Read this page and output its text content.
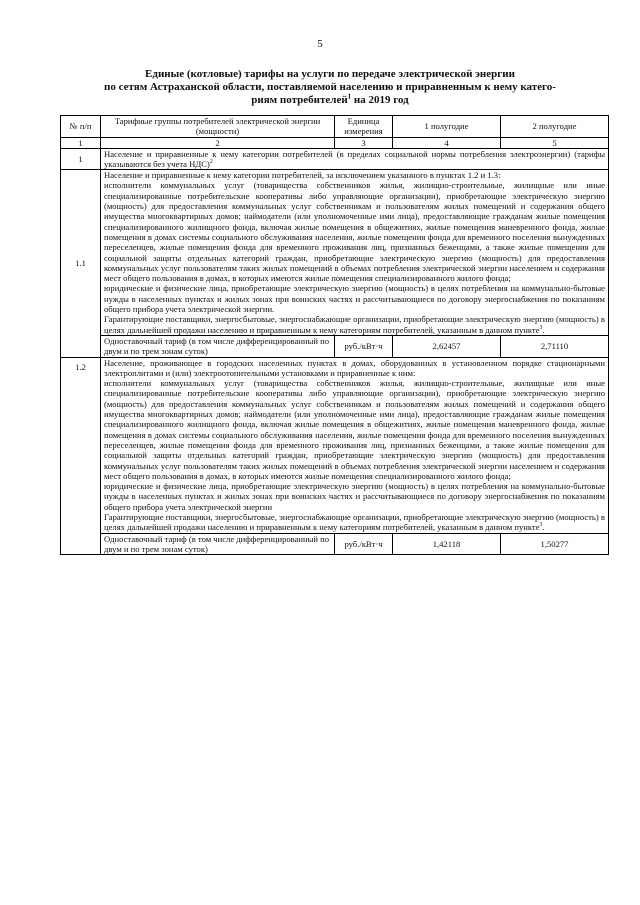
5
Единые (котловые) тарифы на услуги по передаче электрической энергии
по сетям Астраханской области, поставляемой населению и приравненным к нему катего-
риям потребителей$^1$ на 2019 год
№ п/п	Тарифные группы потребителей электрической энергии (мощности)	Единица измерения	1 полугодие	2 полугодие
1	2	3	4	5
1	Население и приравненные к нему категории потребителей (в пределах социальной нормы потребления электроэнергии) (тарифы указываются без учета НДС)$^2$
1.1	Население и приравненные к нему категории потребителей, за исключением указанного в пунктах 1.2 и 1.3:
исполнители коммунальных услуг (товарищества собственников жилья, жилищно-строительные, жилищные или иные специализированные потребительские кооперативы либо управляющие организации), приобретающие электрическую энергию (мощность) для предоставления коммунальных услуг собственникам и пользователям жилых помещений и содержания общего имущества многоквартирных домов; наймодатели (или уполномоченные ими лица), предоставляющие гражданам жилые помещения специализированного жилищного фонда, включая жилые помещения в общежитиях, жилые помещения маневренного фонда, жилые помещения в домах системы социального обслуживания населения, жилые помещения фонда для временного поселения вынужденных переселенцев, жилые помещения фонда для временного проживания лиц, признанных беженцами, а также жилые помещения для социальной защиты отдельных категорий граждан, приобретающие электрическую энергию (мощность) для предоставления коммунальных услуг пользователям таких жилых помещений в объемах потребления электрической энергии населением и содержания мест общего пользования в домах, в которых имеются жилые помещения специализированного жилого фонда;
юридические и физические лица, приобретающие электрическую энергию (мощность) в целях потребления на коммунально-бытовые нужды в населенных пунктах и жилых зонах при воинских частях и рассчитывающиеся по договору энергоснабжения по показаниям общего прибора учета электрической энергии.
Гарантирующие поставщики, энергосбытовые, энергоснабжающие организации, приобретающие электрическую энергию (мощность) в целях дальнейшей продажи населению и приравненным к нему категориям потребителей, указанным в данном пункте$^3$.			

	Одноставочный тариф (в том числе дифференцированный по двум и по трем зонам суток)	руб./кВт·ч	2,62457	2,71110
1.2	Население, проживающее в городских населенных пунктах в домах, оборудованных в установленном порядке стационарными электроплитами и (или) электроотопительными установками и приравненные к ним:
исполнители коммунальных услуг (товарищества собственников жилья, жилищно-строительные, жилищные или иные специализированные потребительские кооперативы либо управляющие организации), приобретающие электрическую энергию (мощность) для предоставления коммунальных услуг собственникам и пользователям жилых помещений и содержания общего имущества многоквартирных домов; наймодатели (или уполномоченные ими лица), предоставляющие гражданам жилые помещения специализированного жилищного фонда, включая жилые помещения в общежитиях, жилые помещения маневренного фонда, жилые помещения в домах системы социального обслуживания населения, жилые помещения фонда для временного поселения вынужденных переселенцев, жилые помещения фонда для временного проживания лиц, признанных беженцами, а также жилые помещения для социальной защиты отдельных категорий граждан, приобретающие электрическую энергию (мощность) для предоставления коммунальных услуг пользователям таких жилых помещений в объемах потребления электрической энергии населением и содержания мест общего пользования в домах, в которых имеются жилые помещения специализированного жилого фонда;
юридические и физические лица, приобретающие электрическую энергию (мощность) в целях потребления на коммунально-бытовые нужды в населенных пунктах и жилых зонах при воинских частях и рассчитывающиеся по договору энергоснабжения по показаниям общего прибора учета электрической энергии
Гарантирующие поставщики, энергосбытовые, энергоснабжающие организации, приобретающие электрическую энергию (мощность) в целях дальнейшей продажи населению и приравненным к нему категориям потребителей, указанным в данном пункте$^3$.			

	Одноставочный тариф (в том числе дифференцированный по двум и по трем зонам суток)	руб./кВт·ч	1,42118	1,50277
